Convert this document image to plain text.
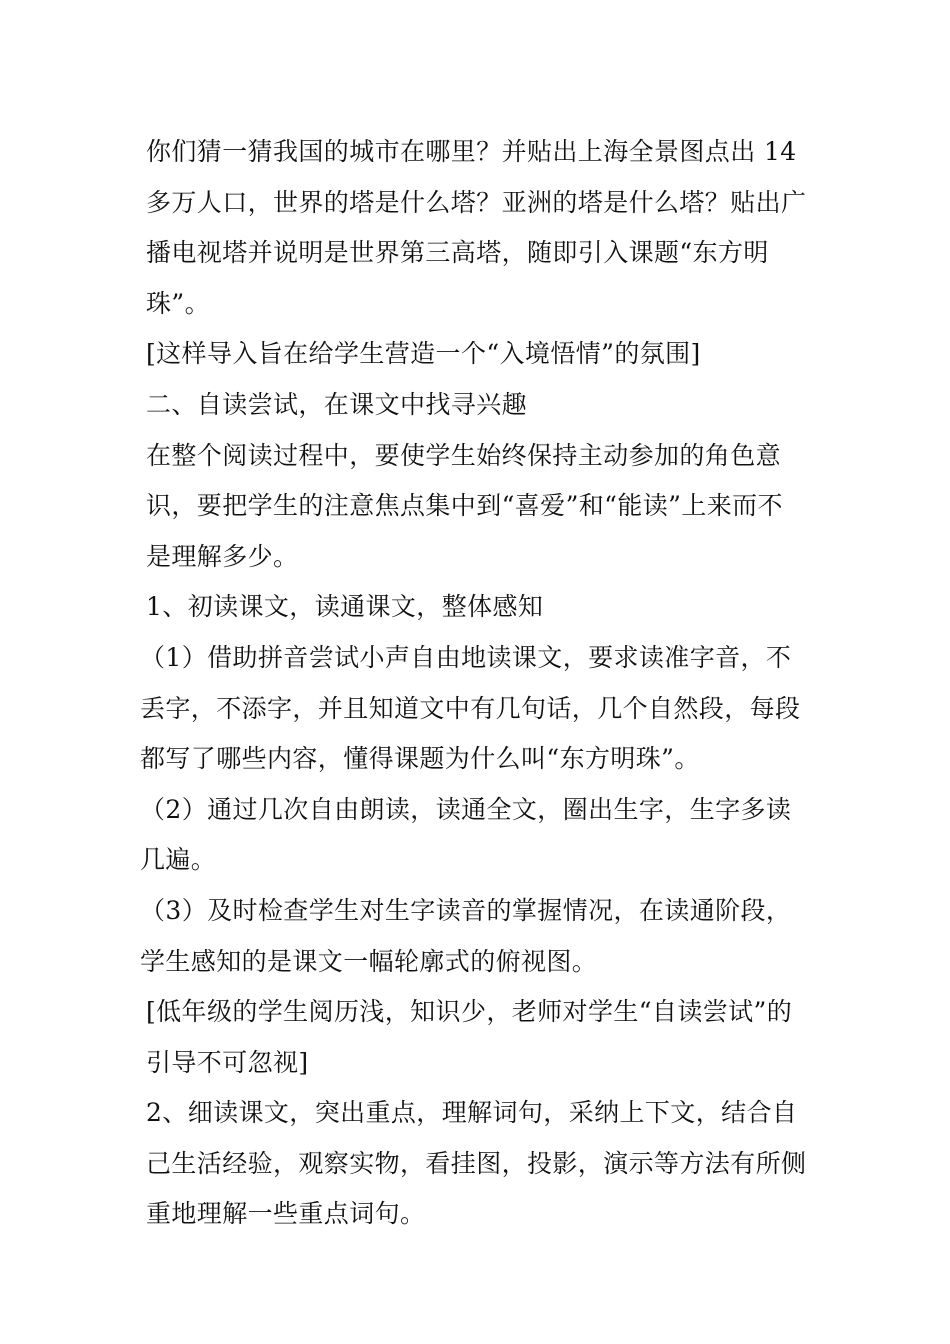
你们猜一猜我国的城市在哪里？并贴出上海全景图点出 14 多万人口，世界的塔是什么塔？亚洲的塔是什么塔？贴出广播电视塔并说明是世界第三高塔，随即引入课题“东方明珠”。

[这样导入旨在给学生营造一个“入境悟情”的氛围]

二、自读尝试，在课文中找寻兴趣

在整个阅读过程中，要使学生始终保持主动参加的角色意识，要把学生的注意焦点集中到“喜爱”和“能读”上来而不是理解多少。

1、初读课文，读通课文，整体感知

（1）借助拼音尝试小声自由地读课文，要求读准字音，不丢字，不添字，并且知道文中有几句话，几个自然段，每段都写了哪些内容，懂得课题为什么叫“东方明珠”。

（2）通过几次自由朗读，读通全文，圈出生字，生字多读几遍。

（3）及时检查学生对生字读音的掌握情况，在读通阶段，学生感知的是课文一幅轮廓式的俯视图。

[低年级的学生阅历浅，知识少，老师对学生“自读尝试”的引导不可忽视]

2、细读课文，突出重点，理解词句，采纳上下文，结合自己生活经验，观察实物，看挂图，投影，演示等方法有所侧重地理解一些重点词句。
